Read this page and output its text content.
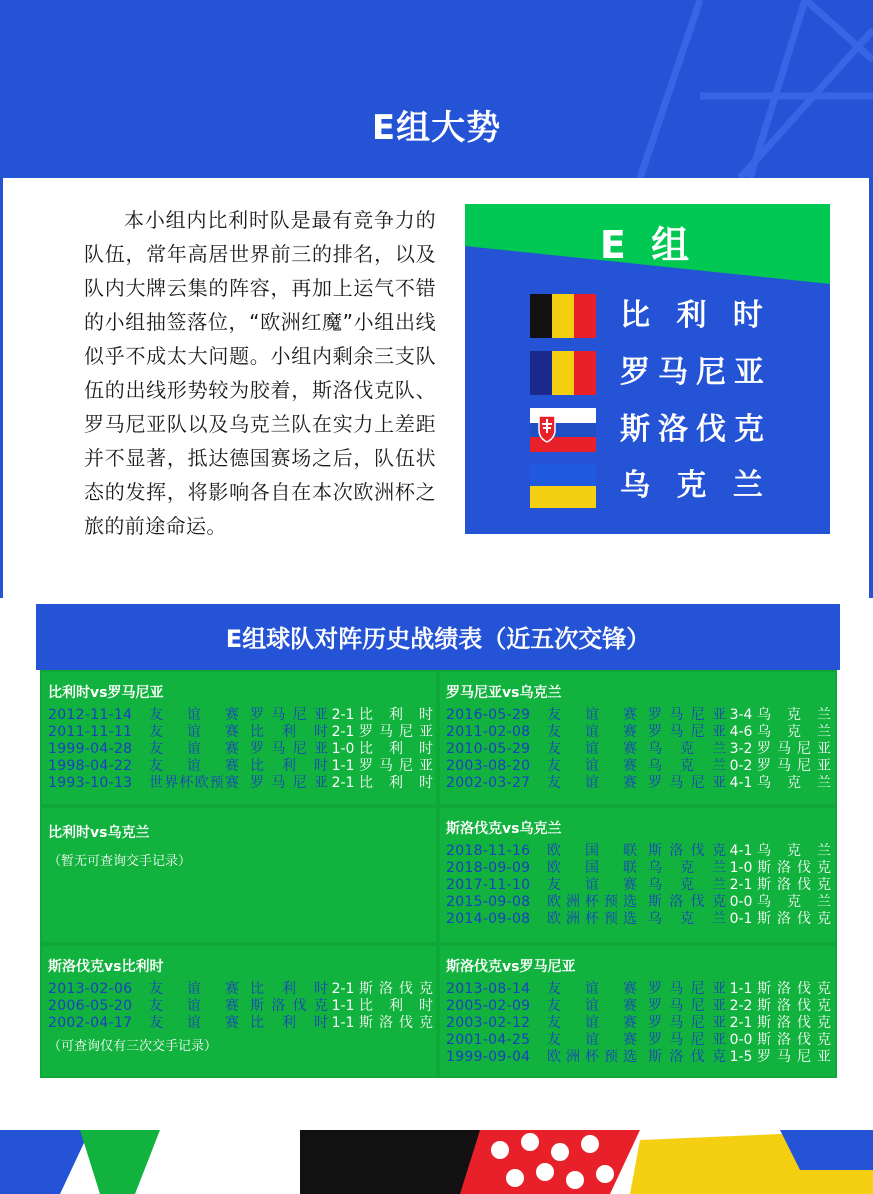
E组大势

本小组内比利时队是最有竞争力的队伍，常年高居世界前三的排名，以及队内大牌云集的阵容，再加上运气不错的小组抽签落位，“欧洲红魔”小组出线似乎不成太大问题。小组内剩余三支队伍的出线形势较为胶着，斯洛伐克队、罗马尼亚队以及乌克兰队在实力上差距并不显著，抵达德国赛场之后，队伍状态的发挥，将影响各自在本次欧洲杯之旅的前途命运。

E 组
比 利 时
罗马尼亚
斯洛伐克
乌 克 兰
E组球队对阵历史战绩表（近五次交锋）
比利时vs罗马尼亚
2012-11-14 友谊赛 罗马尼亚 2-1 比利时
2011-11-11 友谊赛 比利时 2-1 罗马尼亚
1999-04-28 友谊赛 罗马尼亚 1-0 比利时
1998-04-22 友谊赛 比利时 1-1 罗马尼亚
1993-10-13 世界杯欧预赛 罗马尼亚 2-1 比利时
罗马尼亚vs乌克兰
2016-05-29 友谊赛 罗马尼亚 3-4 乌克兰
2011-02-08 友谊赛 罗马尼亚 4-6 乌克兰
2010-05-29 友谊赛 乌克兰 3-2 罗马尼亚
2003-08-20 友谊赛 乌克兰 0-2 罗马尼亚
2002-03-27 友谊赛 罗马尼亚 4-1 乌克兰
比利时vs乌克兰
（暂无可查询交手记录）
斯洛伐克vs乌克兰
2018-11-16 欧国联 斯洛伐克 4-1 乌克兰
2018-09-09 欧国联 乌克兰 1-0 斯洛伐克
2017-11-10 友谊赛 乌克兰 2-1 斯洛伐克
2015-09-08 欧洲杯预选 斯洛伐克 0-0 乌克兰
2014-09-08 欧洲杯预选 乌克兰 0-1 斯洛伐克
斯洛伐克vs比利时
2013-02-06 友谊赛 比利时 2-1 斯洛伐克
2006-05-20 友谊赛 斯洛伐克 1-1 比利时
2002-04-17 友谊赛 比利时 1-1 斯洛伐克
（可查询仅有三次交手记录）
斯洛伐克vs罗马尼亚
2013-08-14 友谊赛 罗马尼亚 1-1 斯洛伐克
2005-02-09 友谊赛 罗马尼亚 2-2 斯洛伐克
2003-02-12 友谊赛 罗马尼亚 2-1 斯洛伐克
2001-04-25 友谊赛 罗马尼亚 0-0 斯洛伐克
1999-09-04 欧洲杯预选 斯洛伐克 1-5 罗马尼亚
